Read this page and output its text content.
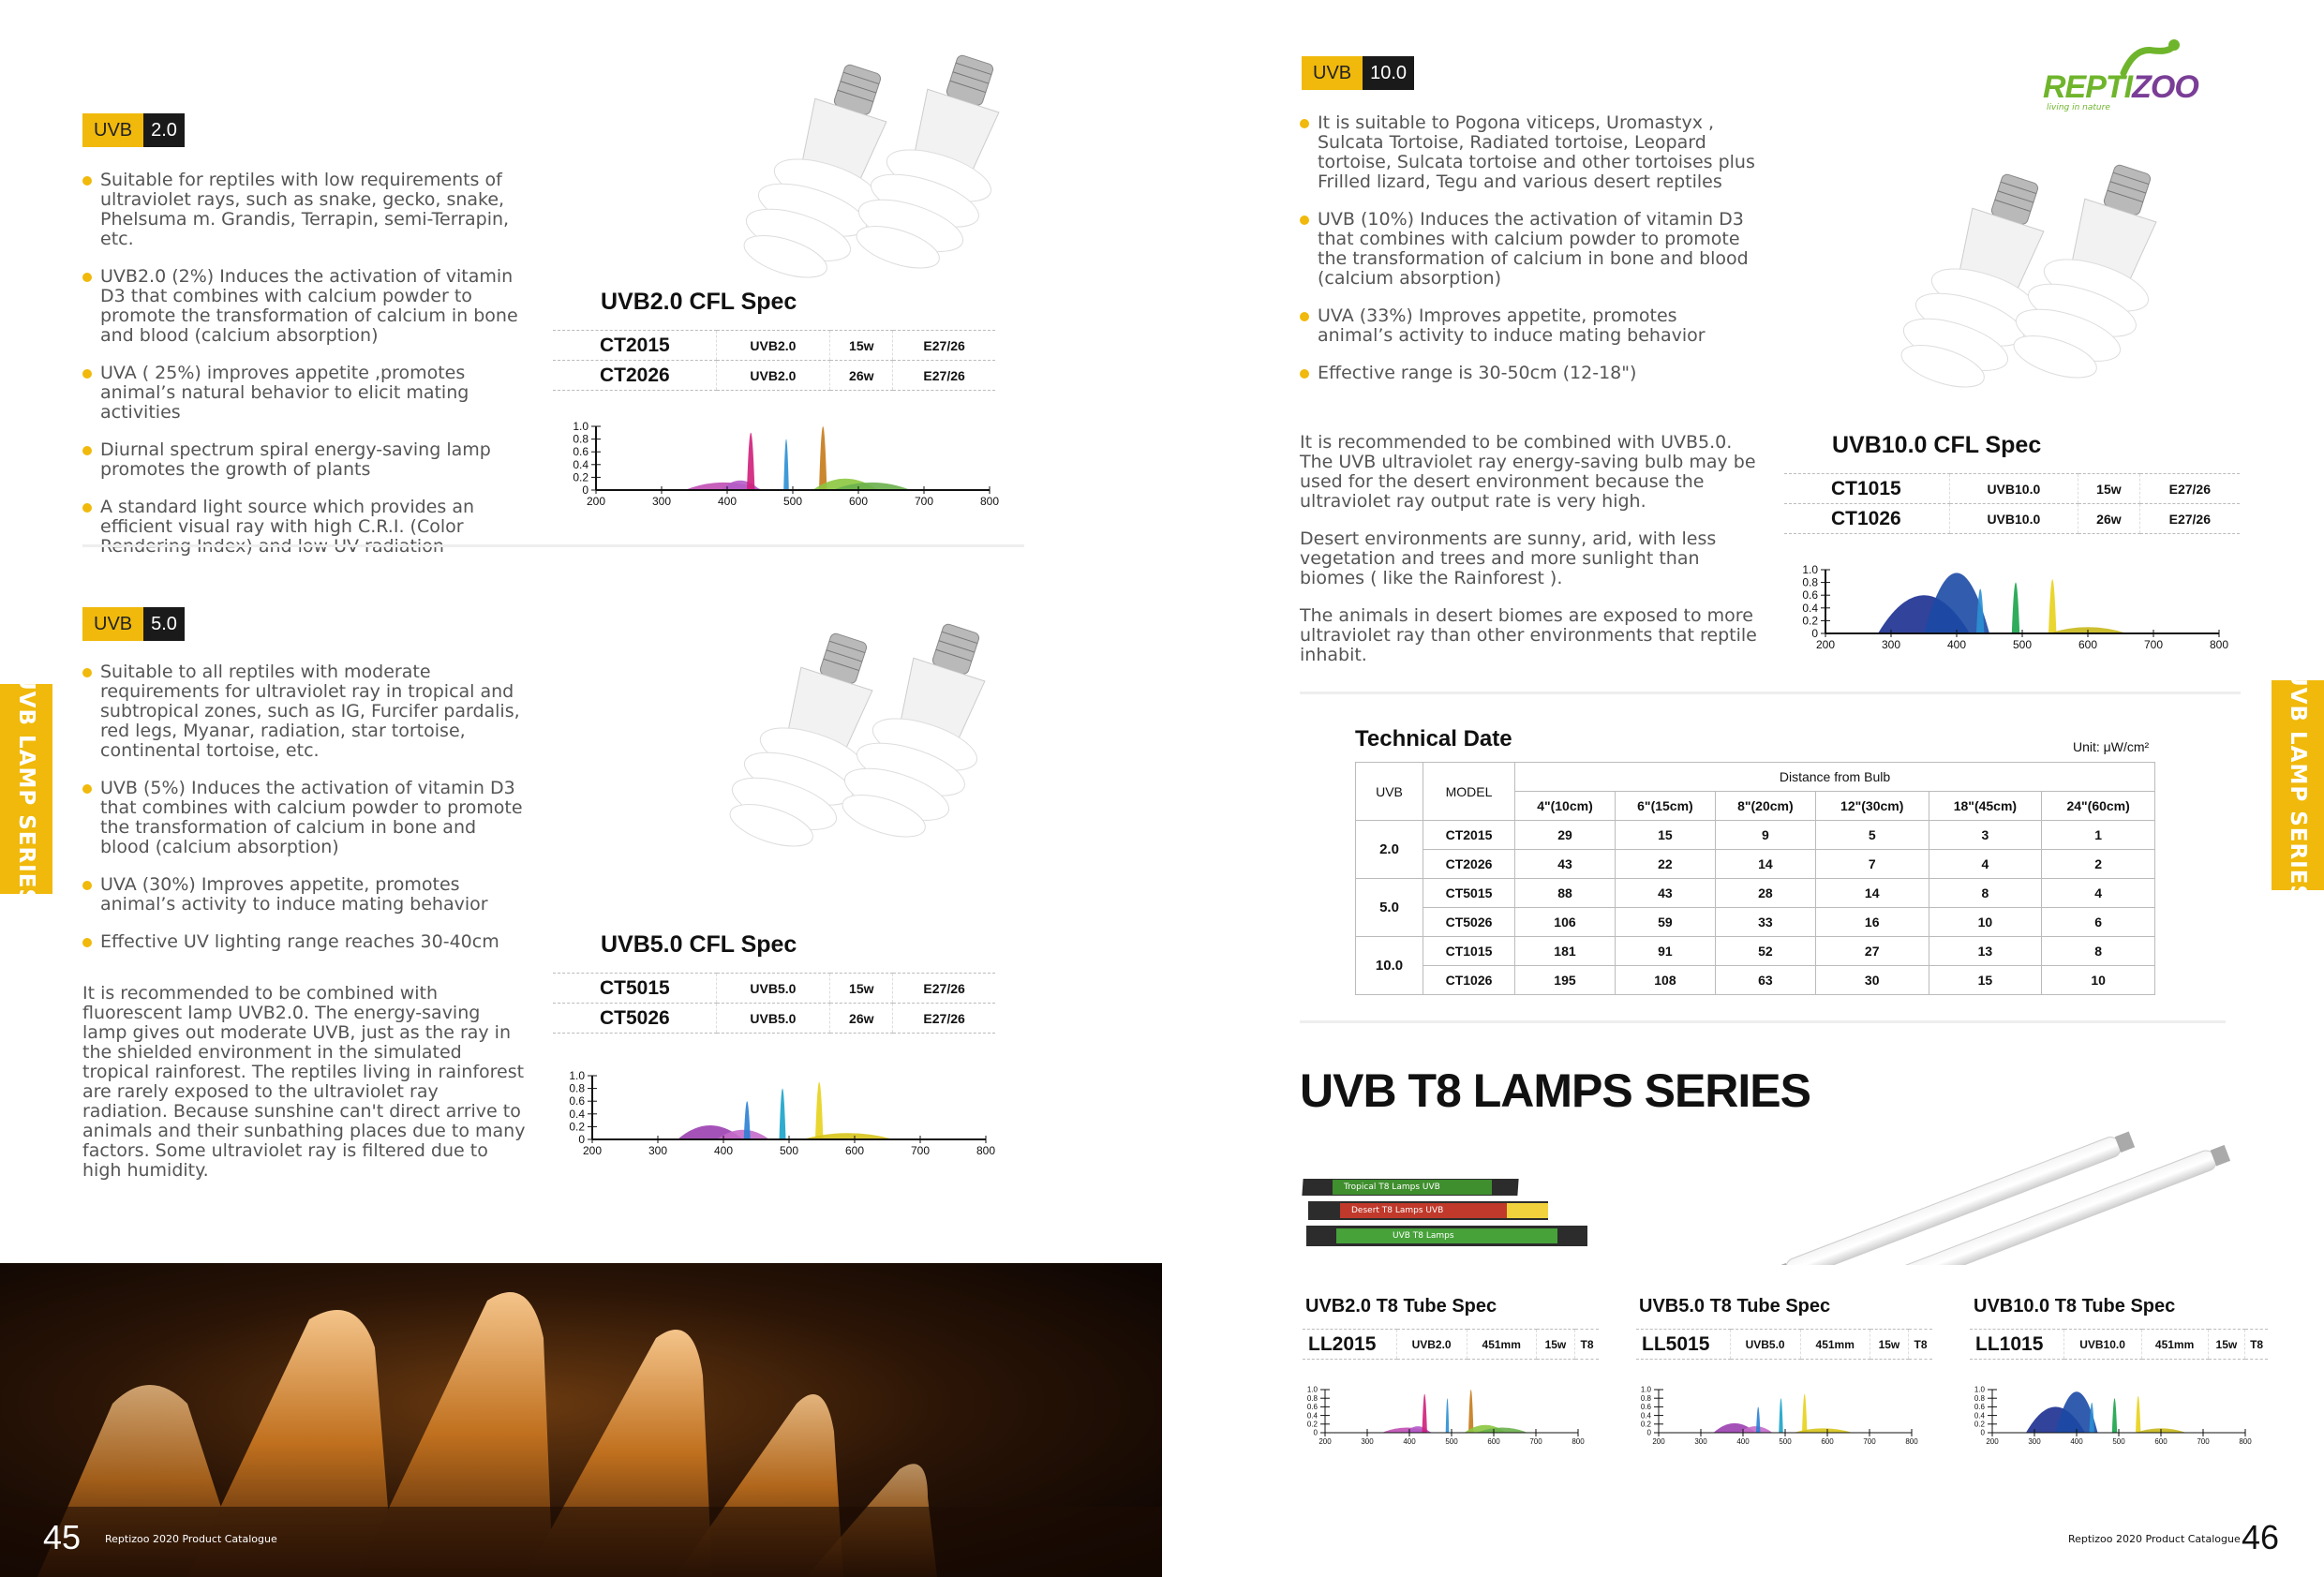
UVB	2.0
Suitable for reptiles with low requirements of ultraviolet rays, such as snake, gecko, snake, Phelsuma m. Grandis, Terrapin, semi-Terrapin, etc.
UVB2.0 (2%) Induces the activation of vitamin D3 that combines with calcium powder to promote the transformation of calcium in bone and blood (calcium absorption)
UVA ( 25%) improves appetite ,promotes animal’s natural behavior to elicit mating activities
Diurnal spectrum spiral energy-saving lamp promotes the growth of plants
A standard light source which provides an efficient visual ray with high C.R.I. (Color
UVB2.0 CFL Spec
CT2015	UVB2.0	15w	E27/26
CT2026	UVB2.0	26w	E27/26
1.0
0.8
0.6
0.4
0.2
0
200	300	400	500	600	700	800
UVB	5.0
Suitable to all reptiles with moderate requirements for ultraviolet ray in tropical and subtropical zones, such as IG, Furcifer pardalis, red legs, Myanar, radiation, star tortoise, continental tortoise, etc.
UVB (5%) Induces the activation of vitamin D3 that combines with calcium powder to promote the transformation of calcium in bone and blood (calcium absorption)
UVA (30%) Improves appetite, promotes animal’s activity to induce mating behavior
Effective UV lighting range reaches 30-40cm

It is recommended to be combined with fluorescent lamp UVB2.0. The energy-saving lamp gives out moderate UVB, just as the ray in the shielded environment in the simulated tropical rainforest. The reptiles living in rainforest are rarely exposed to the ultraviolet ray radiation. Because sunshine can't direct arrive to animals and their sunbathing places due to many factors. Some ultraviolet ray is filtered due to high humidity.

UVB5.0 CFL Spec
CT5015	UVB5.0	15w	E27/26
CT5026	UVB5.0	26w	E27/26
1.0
0.8
0.6
0.4
0.2
0
200	300	400	500	600	700	800
UVB LAMP SERIES
45 Reptizoo 2020 Product Catalogue
UVB	10.0	REPTIZOO
living in nature
It is suitable to Pogona viticeps, Uromastyx , Sulcata Tortoise, Radiated tortoise, Leopard tortoise, Sulcata tortoise and other tortoises plus Frilled lizard, Tegu and various desert reptiles
UVB (10%) Induces the activation of vitamin D3 that combines with calcium powder to promote the transformation of calcium in bone and blood (calcium absorption)
UVA (33%) Improves appetite, promotes animal’s activity to induce mating behavior
Effective range is 30-50cm (12-18")

It is recommended to be combined with UVB5.0. The UVB ultraviolet ray energy-saving bulb may be used for the desert environment because the ultraviolet ray output rate is very high.

Desert environments are sunny, arid, with less vegetation and trees and more sunlight than biomes ( like the Rainforest ).

The animals in desert biomes are exposed to more ultraviolet ray than other environments that reptile inhabit.

UVB10.0 CFL Spec
CT1015	UVB10.0	15w	E27/26
CT1026	UVB10.0	26w	E27/26
1.0
0.8
0.6
0.4
0.2
0
200	300	400	500	600	700	800
Technical Date	Unit: μW/cm²
UVB	MODEL	Distance from Bulb					
		4"(10cm)	6"(15cm)	8"(20cm)	12"(30cm)	18"(45cm)	24"(60cm)
2.0	CT2015	29	15	9	5	3	1
	CT2026	43	22	14	7	4	2
5.0	CT5015	88	43	28	14	8	4
	CT5026	106	59	33	16	10	6
10.0	CT1015	181	91	52	27	13	8
	CT1026	195	108	63	30	15	10
UVB T8 LAMPS SERIES
Tropical T8 Lamps UVB
Desert T8 Lamps UVB
UVB T8 Lamps
UVB2.0 T8 Tube Spec
LL2015	UVB2.0	451mm	15w	T8
1.0
0.8
0.6
0.4
0.2
0
200	300	400	500	600	700	800
UVB5.0 T8 Tube Spec
LL5015	UVB5.0	451mm	15w	T8
1.0
0.8
0.6
0.4
0.2
0
200	300	400	500	600	700	800
UVB10.0 T8 Tube Spec
LL1015	UVB10.0	451mm	15w	T8
1.0
0.8
0.6
0.4
0.2
0
200	300	400	500	600	700	800
UVB LAMP SERIES
Reptizoo 2020 Product Catalogue 46
